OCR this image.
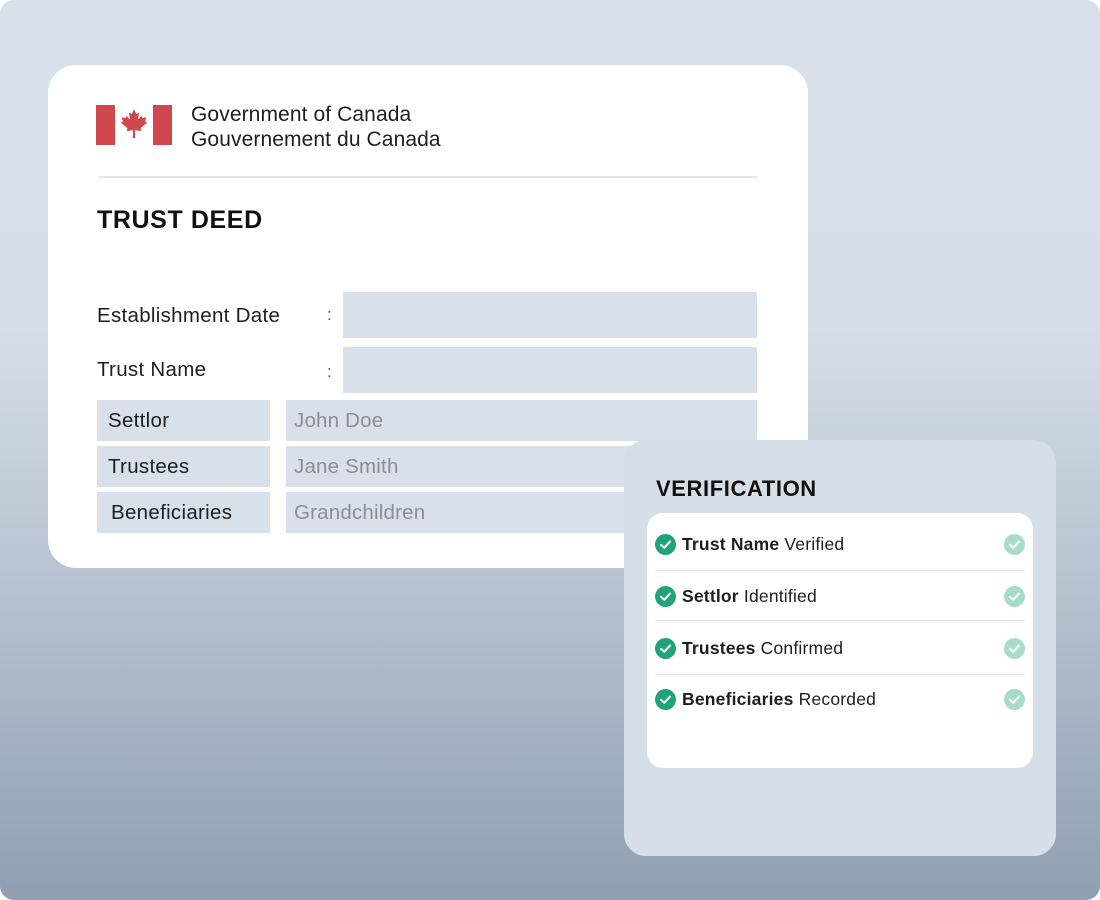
Government of Canada
Gouvernement du Canada
TRUST DEED
Establishment Date	:
Trust Name	:
Settlor	John Doe
Trustees	Jane Smith
Beneficiaries	Grandchildren
VERIFICATION
Trust Name Verified
Settlor Identified
Trustees Confirmed
Beneficiaries Recorded
